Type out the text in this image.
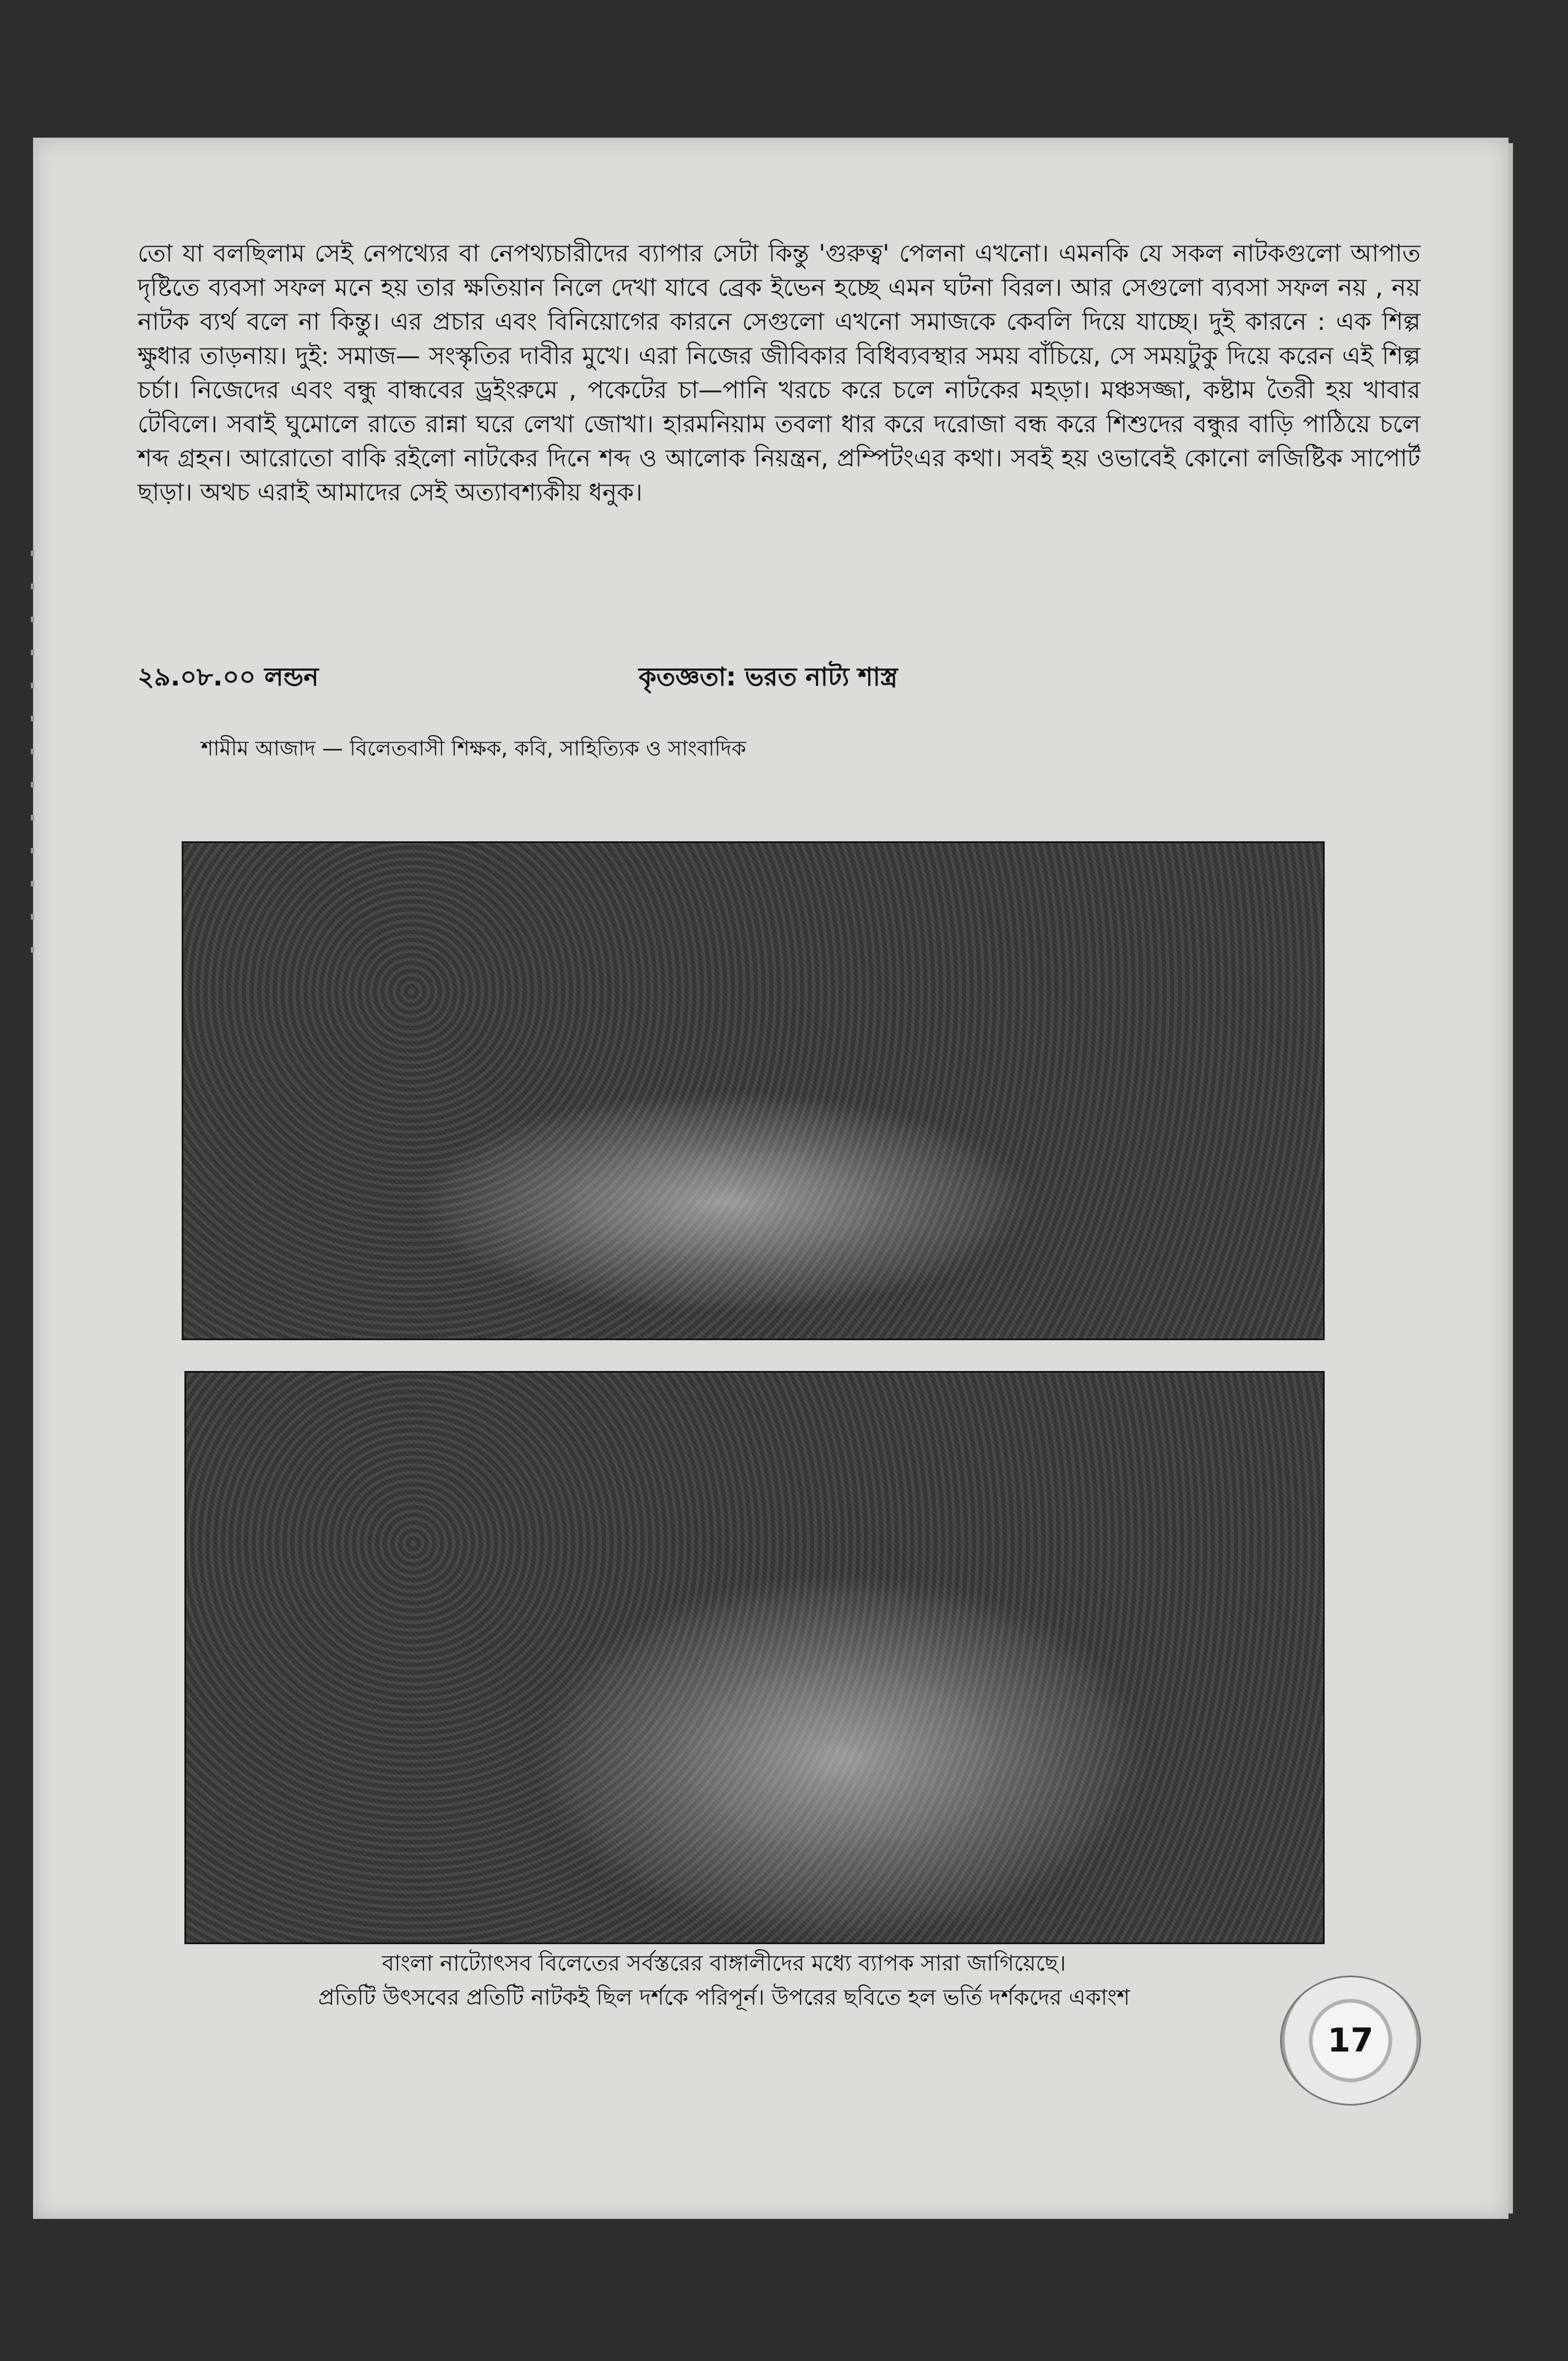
তো যা বলছিলাম সেই নেপথ্যের বা নেপথ্যচারীদের ব্যাপার সেটা কিন্তু 'গুরুত্ব' পেলনা এখনো। এমনকি যে সকল নাটকগুলো আপাত দৃষ্টিতে ব্যবসা সফল মনে হয় তার ক্ষতিয়ান নিলে দেখা যাবে ব্রেক ইভেন হচ্ছে এমন ঘটনা বিরল। আর সেগুলো ব্যবসা সফল নয় , নয় নাটক ব্যর্থ বলে না কিন্তু। এর প্রচার এবং বিনিয়োগের কারনে সেগুলো এখনো সমাজকে কেবলি দিয়ে যাচ্ছে। দুই কারনে : এক শিল্প ক্ষুধার তাড়নায়। দুই: সমাজ— সংস্কৃতির দাবীর মুখে। এরা নিজের জীবিকার বিধিব্যবস্থার সময় বাঁচিয়ে, সে সময়টুকু দিয়ে করেন এই শিল্প চর্চা। নিজেদের এবং বন্ধু বান্ধবের ড্রইংরুমে , পকেটের চা—পানি খরচে করে চলে নাটকের মহড়া। মঞ্চসজ্জা, কষ্টাম তৈরী হয় খাবার টেবিলে। সবাই ঘুমোলে রাতে রান্না ঘরে লেখা জোখা। হারমনিয়াম তবলা ধার করে দরোজা বন্ধ করে শিশুদের বন্ধুর বাড়ি পাঠিয়ে চলে শব্দ গ্রহন। আরোতো বাকি রইলো নাটকের দিনে শব্দ ও আলোক নিয়ন্ত্রন, প্রম্পিটংএর কথা। সবই হয় ওভাবেই কোনো লজিষ্টিক সাপোর্ট ছাড়া। অথচ এরাই আমাদের সেই অত্যাবশ্যকীয় ধনুক।

২৯.০৮.০০ লন্ডন	কৃতজ্ঞতা: ভরত নাট্য শাস্ত্র
শামীম আজাদ — বিলেতবাসী শিক্ষক, কবি, সাহিত্যিক ও সাংবাদিক
বাংলা নাট্যোৎসব বিলেতের সর্বস্তরের বাঙ্গালীদের মধ্যে ব্যাপক সারা জাগিয়েছে।
প্রতিটি উৎসবের প্রতিটি নাটকই ছিল দর্শকে পরিপূর্ন। উপরের ছবিতে হল ভর্তি দর্শকদের একাংশ
17
